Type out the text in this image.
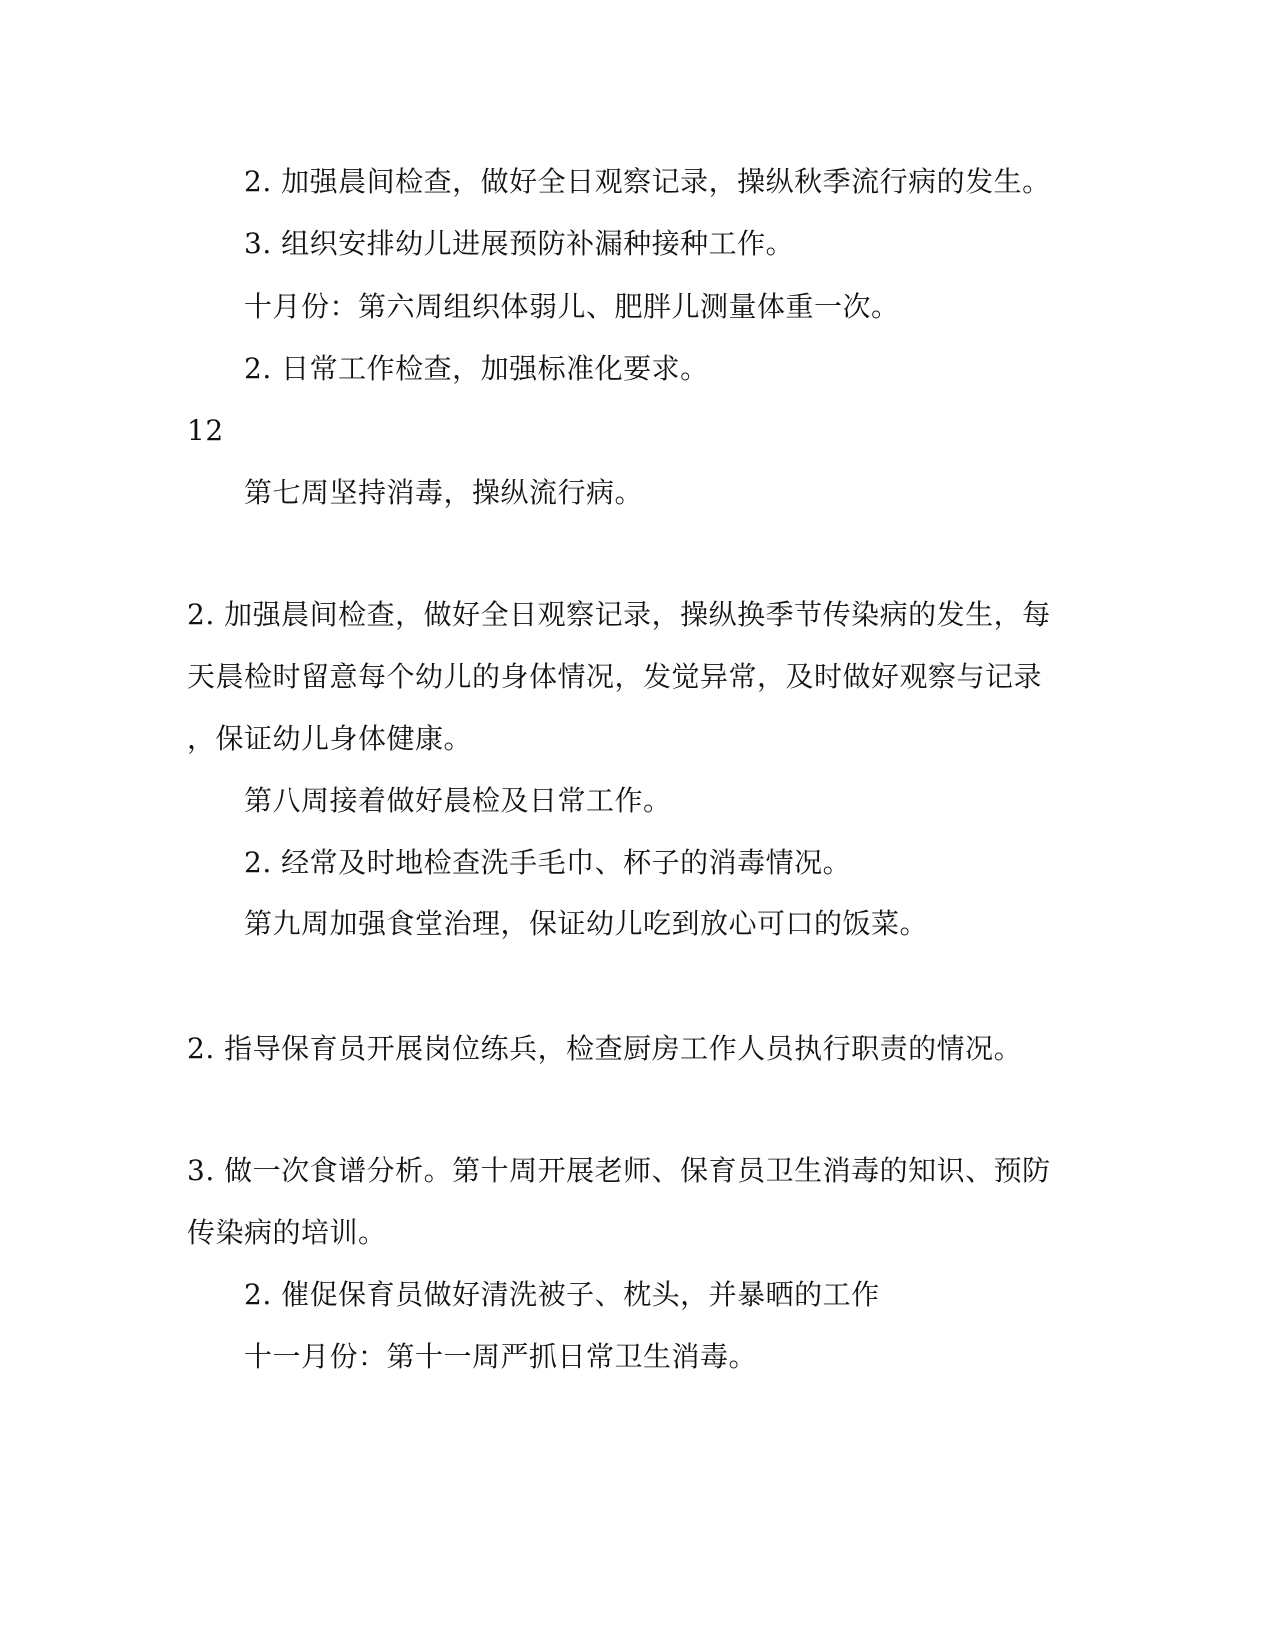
2. 加强晨间检查，做好全日观察记录，操纵秋季流行病的发生。
3. 组织安排幼儿进展预防补漏种接种工作。
十月份：第六周组织体弱儿、肥胖儿测量体重一次。
2. 日常工作检查，加强标准化要求。
12
第七周坚持消毒，操纵流行病。
2. 加强晨间检查，做好全日观察记录，操纵换季节传染病的发生，每
天晨检时留意每个幼儿的身体情况，发觉异常，及时做好观察与记录
，保证幼儿身体健康。
第八周接着做好晨检及日常工作。
2. 经常及时地检查洗手毛巾、杯子的消毒情况。
第九周加强食堂治理，保证幼儿吃到放心可口的饭菜。
2. 指导保育员开展岗位练兵，检查厨房工作人员执行职责的情况。
3. 做一次食谱分析。第十周开展老师、保育员卫生消毒的知识、预防
传染病的培训。
2. 催促保育员做好清洗被子、枕头，并暴晒的工作
十一月份：第十一周严抓日常卫生消毒。
